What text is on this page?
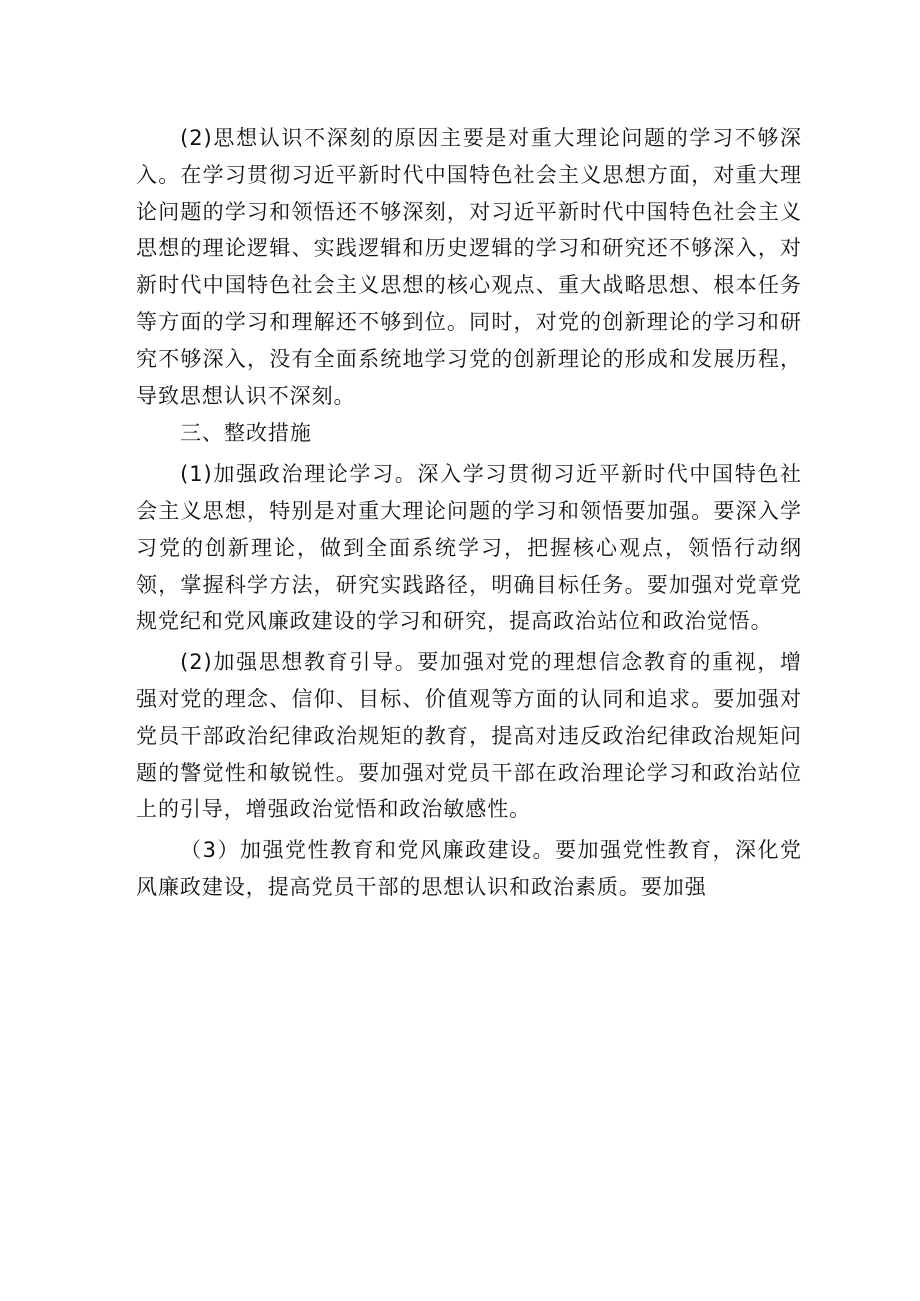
(2)思想认识不深刻的原因主要是对重大理论问题的学习不够深入。在学习贯彻习近平新时代中国特色社会主义思想方面，对重大理论问题的学习和领悟还不够深刻，对习近平新时代中国特色社会主义思想的理论逻辑、实践逻辑和历史逻辑的学习和研究还不够深入，对新时代中国特色社会主义思想的核心观点、重大战略思想、根本任务等方面的学习和理解还不够到位。同时，对党的创新理论的学习和研究不够深入，没有全面系统地学习党的创新理论的形成和发展历程，导致思想认识不深刻。

三、整改措施

(1)加强政治理论学习。深入学习贯彻习近平新时代中国特色社会主义思想，特别是对重大理论问题的学习和领悟要加强。要深入学习党的创新理论，做到全面系统学习，把握核心观点，领悟行动纲领，掌握科学方法，研究实践路径，明确目标任务。要加强对党章党规党纪和党风廉政建设的学习和研究，提高政治站位和政治觉悟。

(2)加强思想教育引导。要加强对党的理想信念教育的重视，增强对党的理念、信仰、目标、价值观等方面的认同和追求。要加强对党员干部政治纪律政治规矩的教育，提高对违反政治纪律政治规矩问题的警觉性和敏锐性。要加强对党员干部在政治理论学习和政治站位上的引导，增强政治觉悟和政治敏感性。

（3）加强党性教育和党风廉政建设。要加强党性教育，深化党风廉政建设，提高党员干部的思想认识和政治素质。要加强
